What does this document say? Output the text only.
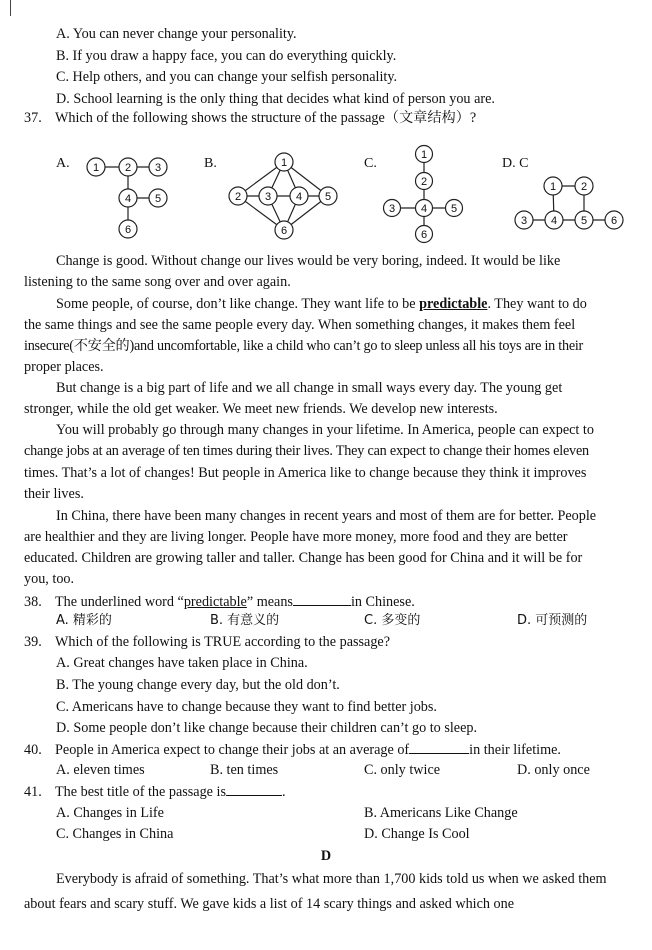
A. You can never change your personality.
B. If you draw a happy face, you can do everything quickly.
C. Help others, and you can change your selfish personality.
D. School learning is the only thing that decides what kind of person you are.
37. Which of the following shows the structure of the passage（文章结构）?
A.	B.	C.	D. C
1 2 3
4 5
6
1
2 3 4 5
6
1
2
3 4 5
6
1 2
3 4 5 6
Change is good. Without change our lives would be very boring, indeed. It would be like
listening to the same song over and over again.
Some people, of course, don’t like change. They want life to be predictable. They want to do
the same things and see the same people every day. When something changes, it makes them feel
insecure(不安全的)and uncomfortable, like a child who can’t go to sleep unless all his toys are in their
proper places.
But change is a big part of life and we all change in small ways every day. The young get
stronger, while the old get weaker. We meet new friends. We develop new interests.
You will probably go through many changes in your lifetime. In America, people can expect to
change jobs at an average of ten times during their lives. They can expect to change their homes eleven
times. That’s a lot of changes! But people in America like to change because they think it improves
their lives.
In China, there have been many changes in recent years and most of them are for better. People
are healthier and they are living longer. People have more money, more food and they are better
educated. Children are growing taller and taller. Change has been good for China and it will be for
you, too.
38. The underlined word “predictable” means	in Chinese.
A. 精彩的	B. 有意义的	C. 多变的	D. 可预测的
39. Which of the following is TRUE according to the passage?
A. Great changes have taken place in China.
B. The young change every day, but the old don’t.
C. Americans have to change because they want to find better jobs.
D. Some people don’t like change because their children can’t go to sleep.
40. People in America expect to change their jobs at an average of	in their lifetime.
A. eleven times	B. ten times	C. only twice	D. only once
41. The best title of the passage is	.
A. Changes in Life	B. Americans Like Change
C. Changes in China	D. Change Is Cool
D
Everybody is afraid of something. That’s what more than 1,700 kids told us when we asked them
about fears and scary stuff. We gave kids a list of 14 scary things and asked which one
